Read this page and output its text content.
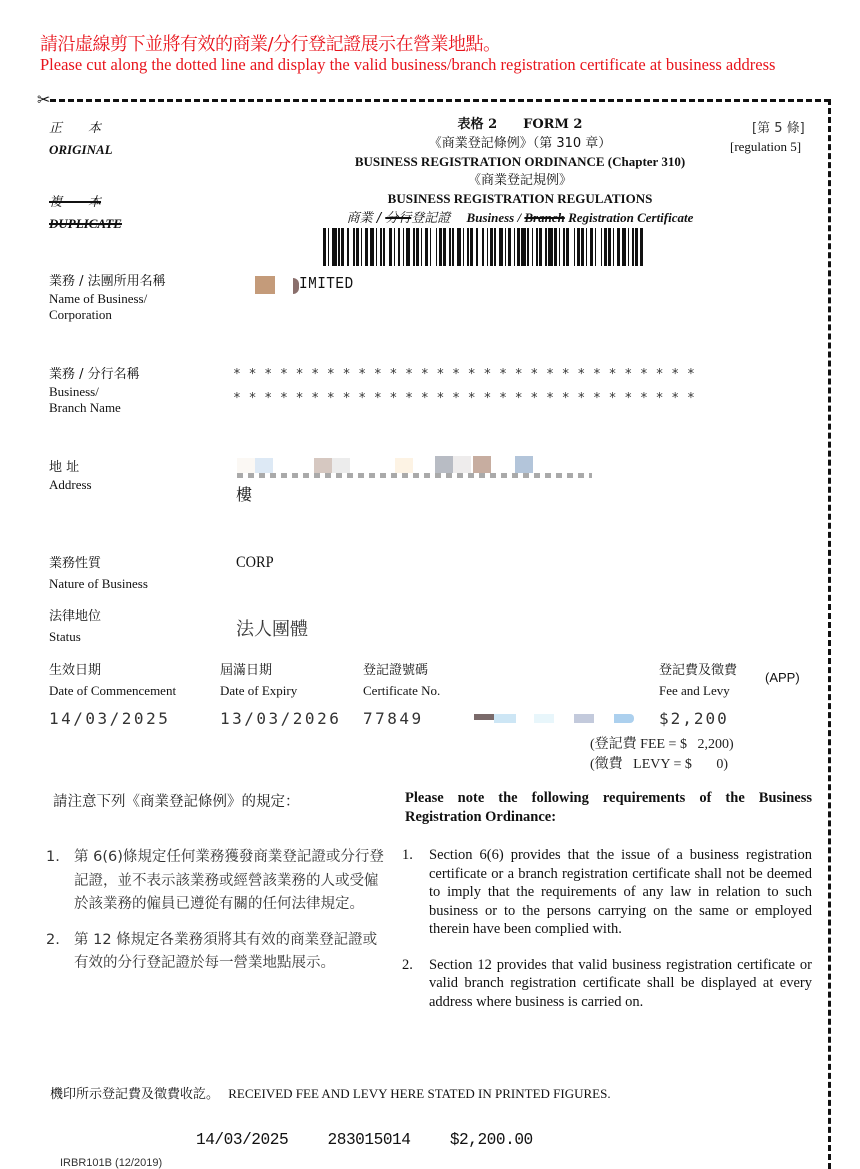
請沿虛線剪下並將有效的商業/分行登記證展示在營業地點。
Please cut along the dotted line and display the valid business/branch registration certificate at business address
✂
正　　本
ORIGINAL
複　　本
DUPLICATE
表格 2　　FORM 2
《商業登記條例》（第 310 章）
BUSINESS REGISTRATION ORDINANCE (Chapter 310)
《商業登記規例》
BUSINESS REGISTRATION REGULATIONS
商業 / 分行登記證 Business / Branch Registration Certificate
[第 5 條]
[regulation 5]
業務 / 法團所用名稱
Name of Business/
Corporation
IMITED
業務 / 分行名稱
Business/
Branch Name
* * * * * * * * * * * * * * * * * * * * * * * * * * * * * *
* * * * * * * * * * * * * * * * * * * * * * * * * * * * * *
地 址
Address
樓
業務性質
Nature of Business
CORP
法律地位
Status	法人團體
生效日期
Date of Commencement
14/03/2025
屆滿日期
Date of Expiry
13/03/2026
登記證號碼
Certificate No.
77849
登記費及徵費
Fee and Levy
(APP)
$2,200
(登記費 FEE = $   2,200)
(徵費   LEVY = $       0)
請注意下列《商業登記條例》的規定：	Please note the following requirements of the Business Registration Ordinance:
1. 第 6(6)條規定任何業務獲發商業登記證或分行登記證，並不表示該業務或經營該業務的人或受僱於該業務的僱員已遵從有關的任何法律規定。
2. 第 12 條規定各業務須將其有效的商業登記證或有效的分行登記證於每一營業地點展示。
1.	Section 6(6) provides that the issue of a business registration certificate or a branch registration certificate shall not be deemed to imply that the requirements of any law in relation to such business or to the persons carrying on the same or employed therein have been complied with.
2.	Section 12 provides that valid business registration certificate or valid branch registration certificate shall be displayed at every address where business is carried on.
機印所示登記費及徵費收訖。 RECEIVED FEE AND LEVY HERE STATED IN PRINTED FIGURES.
14/03/2025 283015014 $2,200.00
IRBR101B (12/2019)
